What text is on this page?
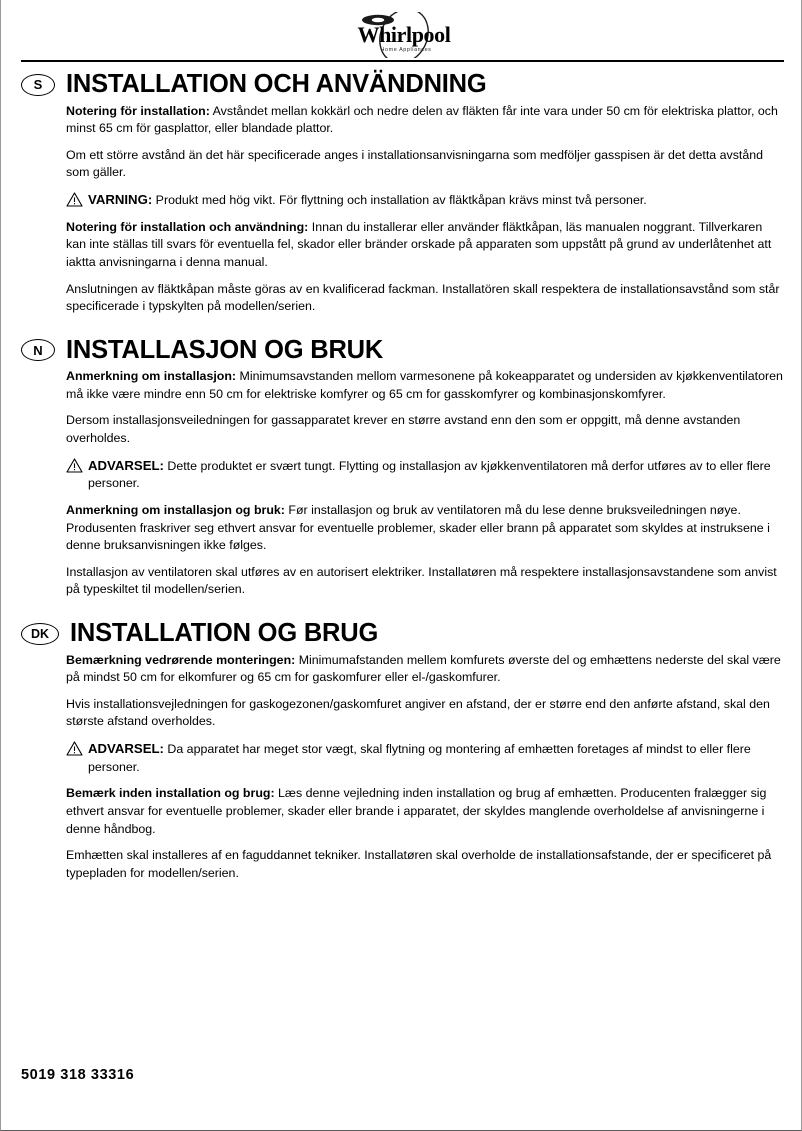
Whirlpool
Home Appliances
S INSTALLATION OCH ANVÄNDNING

Notering för installation: Avståndet mellan kokkärl och nedre delen av fläkten får inte vara under 50 cm för elektriska plattor, och minst 65 cm för gasplattor, eller blandade plattor.

Om ett större avstånd än det här specificerade anges i installationsanvisningarna som medföljer gasspisen är det detta avstånd som gäller.

VARNING: Produkt med hög vikt. För flyttning och installation av fläktkåpan krävs minst två personer.

Notering för installation och användning: Innan du installerar eller använder fläktkåpan, läs manualen noggrant. Tillverkaren kan inte ställas till svars för eventuella fel, skador eller bränder orskade på apparaten som uppstått på grund av underlåtenhet att iaktta anvisningarna i denna manual.

Anslutningen av fläktkåpan måste göras av en kvalificerad fackman. Installatören skall respektera de installationsavstånd som står specificerade i typskylten på modellen/serien.

N INSTALLASJON OG BRUK

Anmerkning om installasjon: Minimumsavstanden mellom varmesonene på kokeapparatet og undersiden av kjøkkenventilatoren må ikke være mindre enn 50 cm for elektriske komfyrer og 65 cm for gasskomfyrer og kombinasjonskomfyrer.

Dersom installasjonsveiledningen for gassapparatet krever en større avstand enn den som er oppgitt, må denne avstanden overholdes.

ADVARSEL: Dette produktet er svært tungt. Flytting og installasjon av kjøkkenventilatoren må derfor utføres av to eller flere personer.

Anmerkning om installasjon og bruk: Før installasjon og bruk av ventilatoren må du lese denne bruksveiledningen nøye. Produsenten fraskriver seg ethvert ansvar for eventuelle problemer, skader eller brann på apparatet som skyldes at instruksene i denne bruksanvisningen ikke følges.

Installasjon av ventilatoren skal utføres av en autorisert elektriker. Installatøren må respektere installasjonsavstandene som anvist på typeskiltet til modellen/serien.

DK INSTALLATION OG BRUG

Bemærkning vedrørende monteringen: Minimumafstanden mellem komfurets øverste del og emhættens nederste del skal være på mindst 50 cm for elkomfurer og 65 cm for gaskomfurer eller el-/gaskomfurer.

Hvis installationsvejledningen for gaskogezonen/gaskomfuret angiver en afstand, der er større end den anførte afstand, skal den største afstand overholdes.

ADVARSEL: Da apparatet har meget stor vægt, skal flytning og montering af emhætten foretages af mindst to eller flere personer.

Bemærk inden installation og brug: Læs denne vejledning inden installation og brug af emhætten. Producenten fralægger sig ethvert ansvar for eventuelle problemer, skader eller brande i apparatet, der skyldes manglende overholdelse af anvisningerne i denne håndbog.

Emhætten skal installeres af en faguddannet tekniker. Installatøren skal overholde de installationsafstande, der er specificeret på typepladen for modellen/serien.

5019 318 33316
